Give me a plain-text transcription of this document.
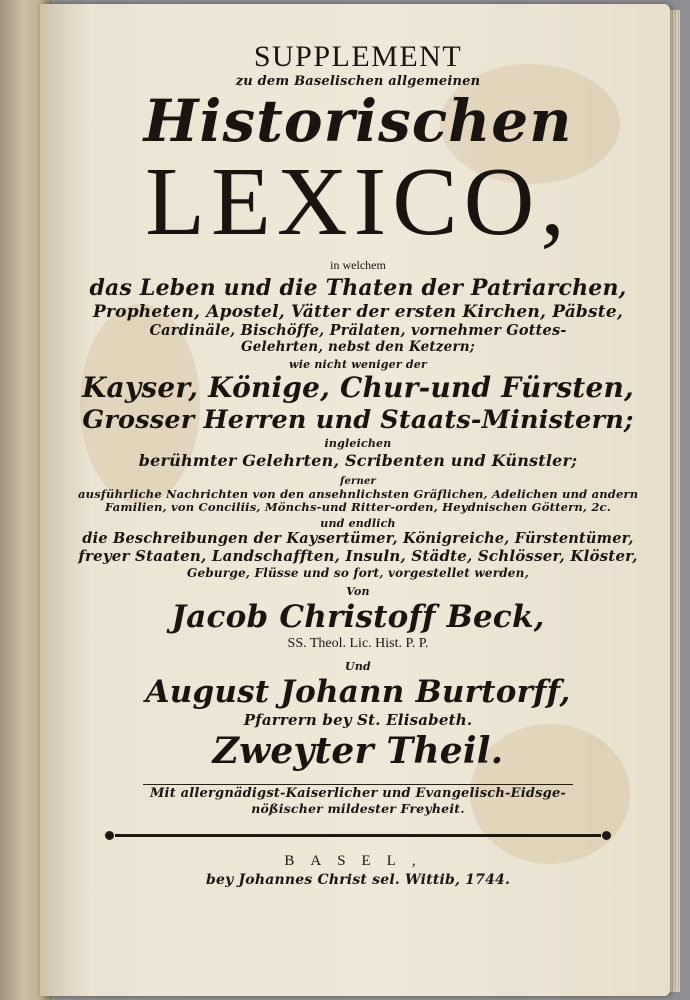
SUPPLEMENT

zu dem Baselischen allgemeinen

Historischen

LEXICO,

in welchem

das Leben und die Thaten der Patriarchen,

Propheten, Apostel, Vätter der ersten Kirchen, Päbste,

Cardinäle, Bischöffe, Prälaten, vornehmer Gottes-

Gelehrten, nebst den Ketzern;

wie nicht weniger der

Kayser, Könige, Chur-und Fürsten,

Grosser Herren und Staats-Ministern;

ingleichen

berühmter Gelehrten, Scribenten und Künstler;

ferner

ausführliche Nachrichten von den ansehnlichsten Gräflichen, Adelichen und andern

Familien, von Conciliis, Mönchs-und Ritter-orden, Heydnischen Göttern, 2c.

und endlich

die Beschreibungen der Kaysertümer, Königreiche, Fürstentümer,

freyer Staaten, Landschafften, Insuln, Städte, Schlösser, Klöster,

Geburge, Flüsse und so fort, vorgestellet werden,

Von

Jacob Christoff Beck,

SS. Theol. Lic. Hist. P. P.

Und

August Johann Burtorff,

Pfarrern bey St. Elisabeth.

Zweyter Theil.

Mit allergnädigst-Kaiserlicher und Evangelisch-Eidsge-

nößischer mildester Freyheit.

BASEL,

bey Johannes Christ sel. Wittib, 1744.
